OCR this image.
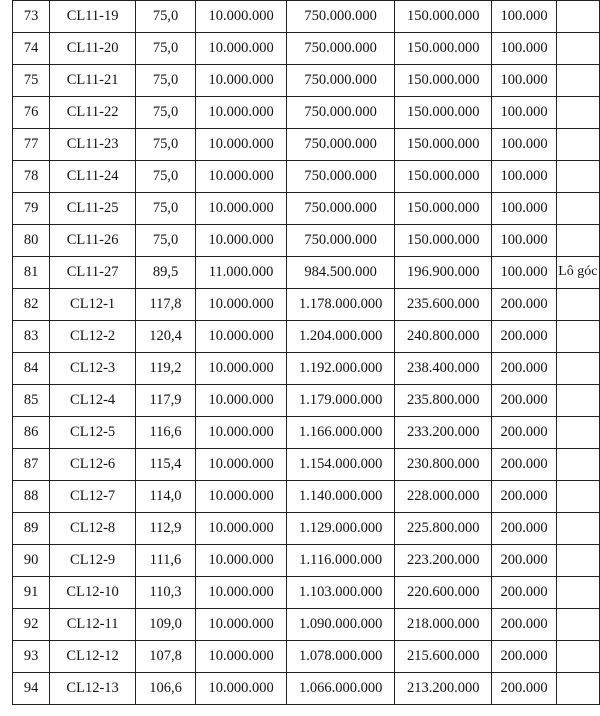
73	CL11-19	75,0	10.000.000	750.000.000	150.000.000	100.000	
74	CL11-20	75,0	10.000.000	750.000.000	150.000.000	100.000	
75	CL11-21	75,0	10.000.000	750.000.000	150.000.000	100.000	
76	CL11-22	75,0	10.000.000	750.000.000	150.000.000	100.000	
77	CL11-23	75,0	10.000.000	750.000.000	150.000.000	100.000	
78	CL11-24	75,0	10.000.000	750.000.000	150.000.000	100.000	
79	CL11-25	75,0	10.000.000	750.000.000	150.000.000	100.000	
80	CL11-26	75,0	10.000.000	750.000.000	150.000.000	100.000	
81	CL11-27	89,5	11.000.000	984.500.000	196.900.000	100.000	Lô góc
82	CL12-1	117,8	10.000.000	1.178.000.000	235.600.000	200.000	
83	CL12-2	120,4	10.000.000	1.204.000.000	240.800.000	200.000	
84	CL12-3	119,2	10.000.000	1.192.000.000	238.400.000	200.000	
85	CL12-4	117,9	10.000.000	1.179.000.000	235.800.000	200.000	
86	CL12-5	116,6	10.000.000	1.166.000.000	233.200.000	200.000	
87	CL12-6	115,4	10.000.000	1.154.000.000	230.800.000	200.000	
88	CL12-7	114,0	10.000.000	1.140.000.000	228.000.000	200.000	
89	CL12-8	112,9	10.000.000	1.129.000.000	225.800.000	200.000	
90	CL12-9	111,6	10.000.000	1.116.000.000	223.200.000	200.000	
91	CL12-10	110,3	10.000.000	1.103.000.000	220.600.000	200.000	
92	CL12-11	109,0	10.000.000	1.090.000.000	218.000.000	200.000	
93	CL12-12	107,8	10.000.000	1.078.000.000	215.600.000	200.000	
94	CL12-13	106,6	10.000.000	1.066.000.000	213.200.000	200.000	
